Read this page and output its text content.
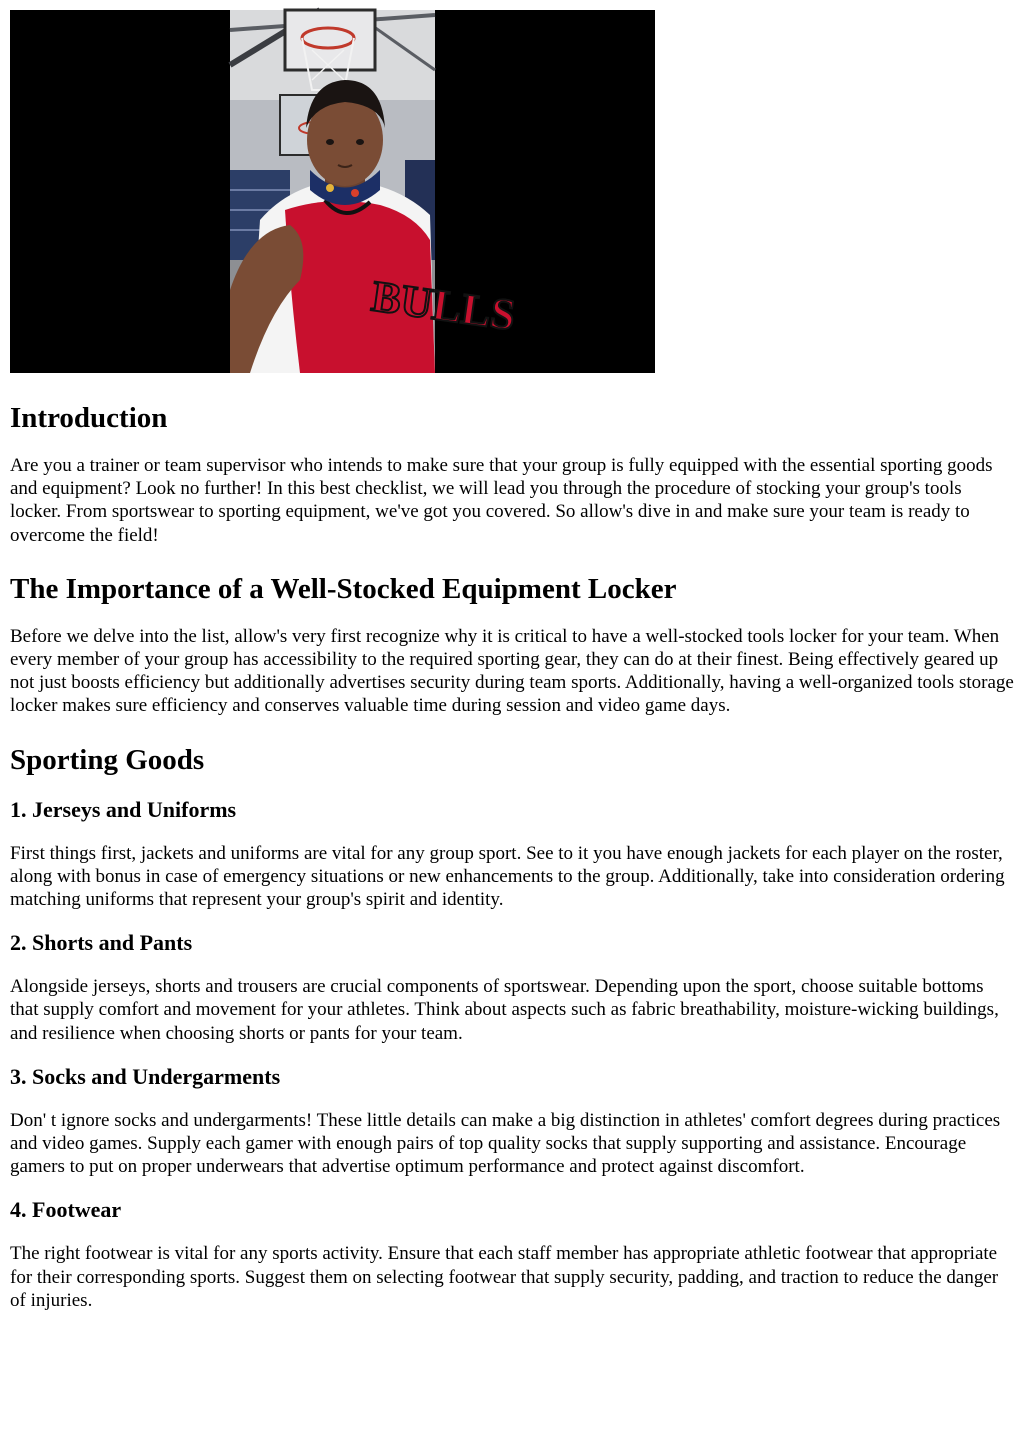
BULLS
Introduction

Are you a trainer or team supervisor who intends to make sure that your group is fully equipped with the essential sporting goods and equipment? Look no further! In this best checklist, we will lead you through the procedure of stocking your group's tools locker. From sportswear to sporting equipment, we've got you covered. So allow's dive in and make sure your team is ready to overcome the field!

The Importance of a Well-Stocked Equipment Locker

Before we delve into the list, allow's very first recognize why it is critical to have a well-stocked tools locker for your team. When every member of your group has accessibility to the required sporting gear, they can do at their finest. Being effectively geared up not just boosts efficiency but additionally advertises security during team sports. Additionally, having a well-organized tools storage locker makes sure efficiency and conserves valuable time during session and video game days.

Sporting Goods
1. Jerseys and Uniforms

First things first, jackets and uniforms are vital for any group sport. See to it you have enough jackets for each player on the roster, along with bonus in case of emergency situations or new enhancements to the group. Additionally, take into consideration ordering matching uniforms that represent your group's spirit and identity.

2. Shorts and Pants

Alongside jerseys, shorts and trousers are crucial components of sportswear. Depending upon the sport, choose suitable bottoms that supply comfort and movement for your athletes. Think about aspects such as fabric breathability, moisture-wicking buildings, and resilience when choosing shorts or pants for your team.

3. Socks and Undergarments

Don' t ignore socks and undergarments! These little details can make a big distinction in athletes' comfort degrees during practices and video games. Supply each gamer with enough pairs of top quality socks that supply supporting and assistance. Encourage gamers to put on proper underwears that advertise optimum performance and protect against discomfort.

4. Footwear

The right footwear is vital for any sports activity. Ensure that each staff member has appropriate athletic footwear that appropriate for their corresponding sports. Suggest them on selecting footwear that supply security, padding, and traction to reduce the danger of injuries.
